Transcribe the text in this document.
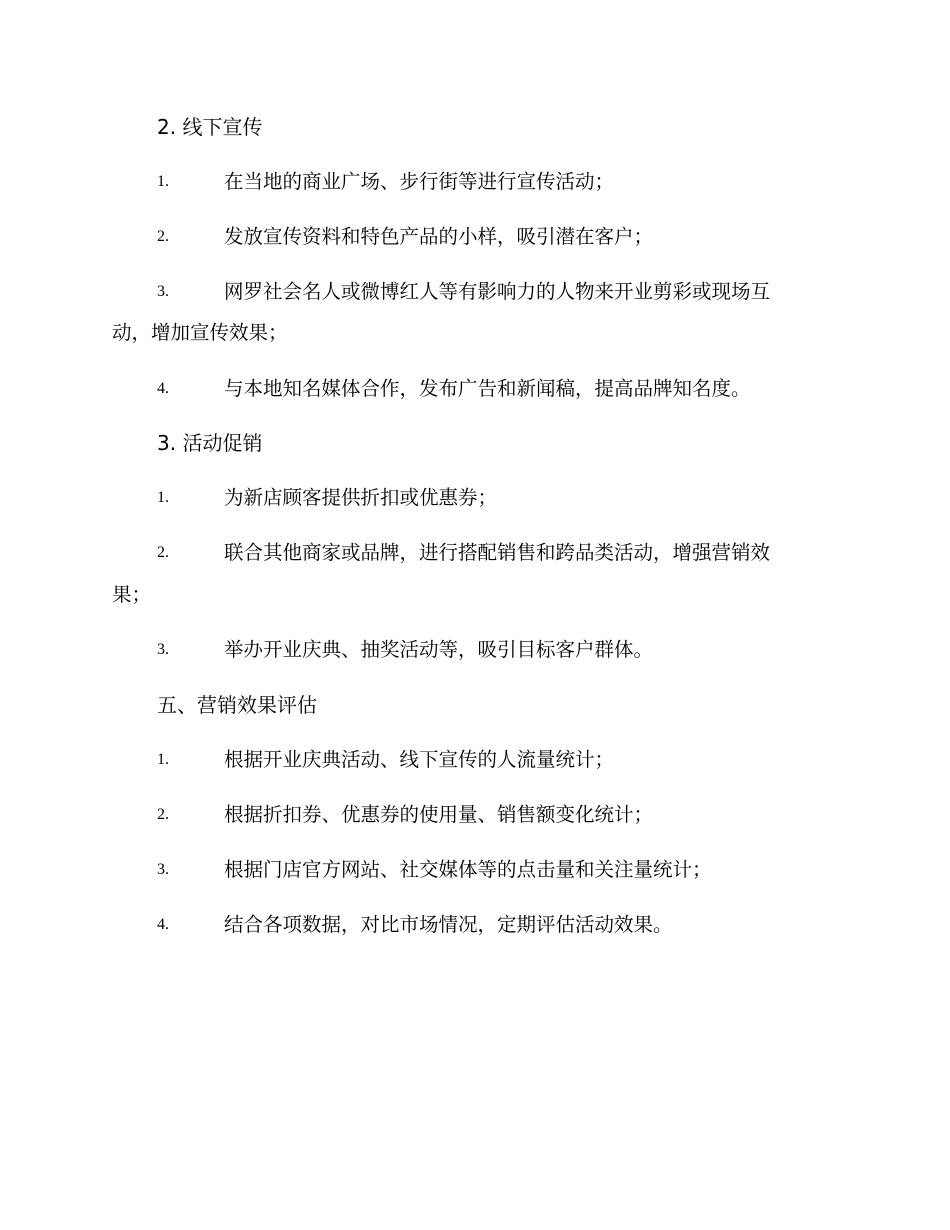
2. 线下宣传
1.	在当地的商业广场、步行街等进行宣传活动；
2.	发放宣传资料和特色产品的小样，吸引潜在客户；
3.	网罗社会名人或微博红人等有影响力的人物来开业剪彩或现场互
动，增加宣传效果；
4.	与本地知名媒体合作，发布广告和新闻稿，提高品牌知名度。
3. 活动促销
1.	为新店顾客提供折扣或优惠券；
2.	联合其他商家或品牌，进行搭配销售和跨品类活动，增强营销效
果；
3.	举办开业庆典、抽奖活动等，吸引目标客户群体。
五、营销效果评估
1.	根据开业庆典活动、线下宣传的人流量统计；
2.	根据折扣券、优惠券的使用量、销售额变化统计；
3.	根据门店官方网站、社交媒体等的点击量和关注量统计；
4.	结合各项数据，对比市场情况，定期评估活动效果。
